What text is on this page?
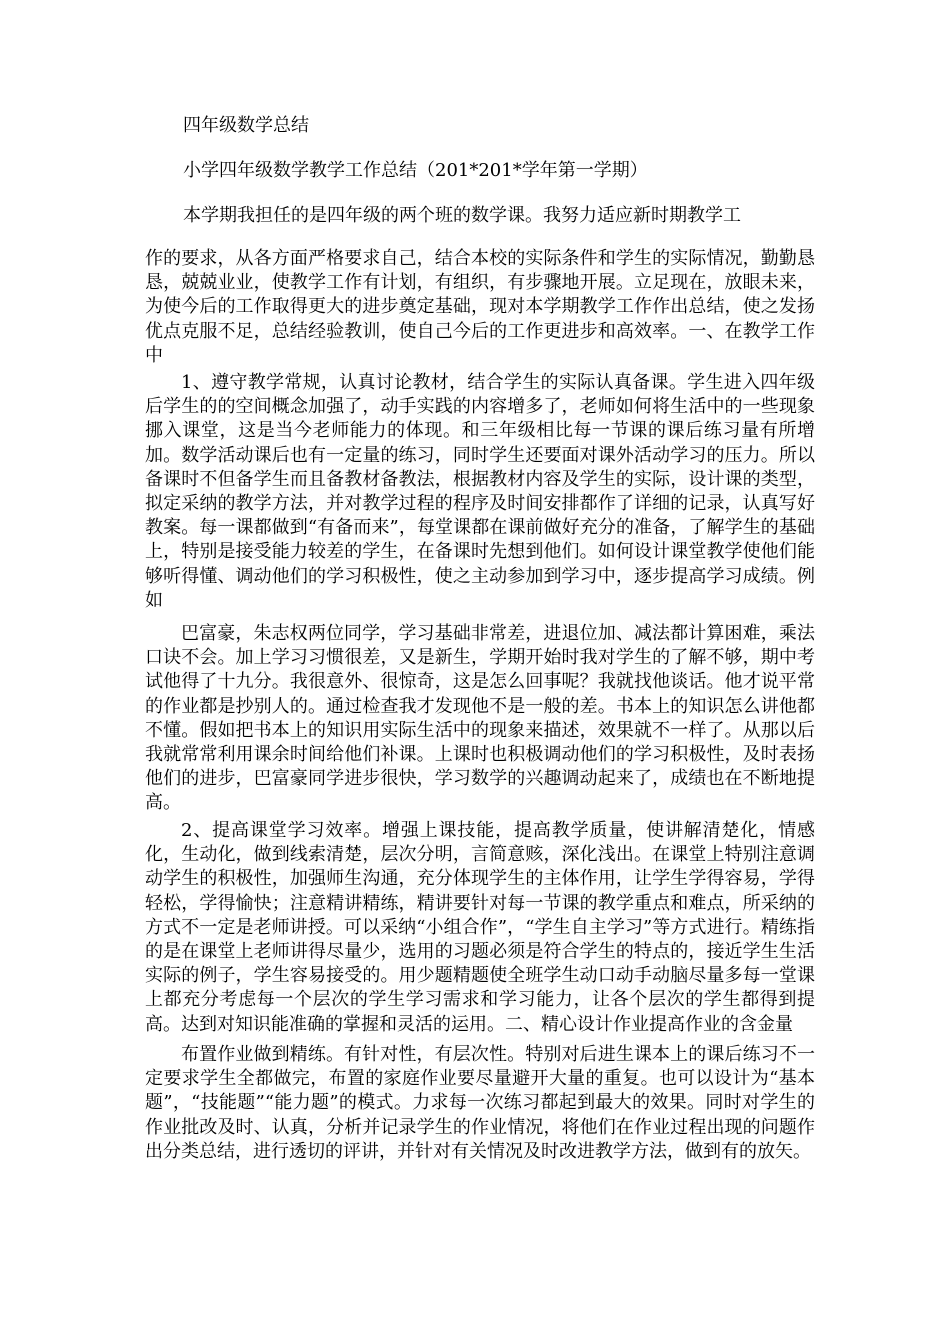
四年级数学总结

小学四年级数学教学工作总结（201*201*学年第一学期）

本学期我担任的是四年级的两个班的数学课。我努力适应新时期教学工

作的要求，从各方面严格要求自己，结合本校的实际条件和学生的实际情况，勤勤恳恳，兢兢业业，使教学工作有计划，有组织，有步骤地开展。立足现在，放眼未来，为使今后的工作取得更大的进步奠定基础，现对本学期教学工作作出总结，使之发扬优点克服不足，总结经验教训，使自己今后的工作更进步和高效率。一、在教学工作中

1、遵守教学常规，认真讨论教材，结合学生的实际认真备课。学生进入四年级后学生的的空间概念加强了，动手实践的内容增多了，老师如何将生活中的一些现象挪入课堂，这是当今老师能力的体现。和三年级相比每一节课的课后练习量有所增加。数学活动课后也有一定量的练习，同时学生还要面对课外活动学习的压力。所以备课时不但备学生而且备教材备教法，根据教材内容及学生的实际，设计课的类型，拟定采纳的教学方法，并对教学过程的程序及时间安排都作了详细的记录，认真写好教案。每一课都做到“有备而来”，每堂课都在课前做好充分的准备，了解学生的基础上，特别是接受能力较差的学生，在备课时先想到他们。如何设计课堂教学使他们能够听得懂、调动他们的学习积极性，使之主动参加到学习中，逐步提高学习成绩。例如

巴富豪，朱志权两位同学，学习基础非常差，进退位加、减法都计算困难，乘法口诀不会。加上学习习惯很差，又是新生，学期开始时我对学生的了解不够，期中考试他得了十九分。我很意外、很惊奇，这是怎么回事呢？我就找他谈话。他才说平常的作业都是抄别人的。通过检查我才发现他不是一般的差。书本上的知识怎么讲他都不懂。假如把书本上的知识用实际生活中的现象来描述，效果就不一样了。从那以后我就常常利用课余时间给他们补课。上课时也积极调动他们的学习积极性，及时表扬他们的进步，巴富豪同学进步很快，学习数学的兴趣调动起来了，成绩也在不断地提高。

2、提高课堂学习效率。增强上课技能，提高教学质量，使讲解清楚化，情感化，生动化，做到线索清楚，层次分明，言简意赅，深化浅出。在课堂上特别注意调动学生的积极性，加强师生沟通，充分体现学生的主体作用，让学生学得容易，学得轻松，学得愉快；注意精讲精练，精讲要针对每一节课的教学重点和难点，所采纳的方式不一定是老师讲授。可以采纳“小组合作”，“学生自主学习”等方式进行。精练指的是在课堂上老师讲得尽量少，选用的习题必须是符合学生的特点的，接近学生生活实际的例子，学生容易接受的。用少题精题使全班学生动口动手动脑尽量多每一堂课上都充分考虑每一个层次的学生学习需求和学习能力，让各个层次的学生都得到提高。达到对知识能准确的掌握和灵活的运用。二、精心设计作业提高作业的含金量

布置作业做到精练。有针对性，有层次性。特别对后进生课本上的课后练习不一定要求学生全都做完，布置的家庭作业要尽量避开大量的重复。也可以设计为“基本题”，“技能题”“能力题”的模式。力求每一次练习都起到最大的效果。同时对学生的作业批改及时、认真，分析并记录学生的作业情况，将他们在作业过程出现的问题作出分类总结，进行透切的评讲，并针对有关情况及时改进教学方法，做到有的放矢。
